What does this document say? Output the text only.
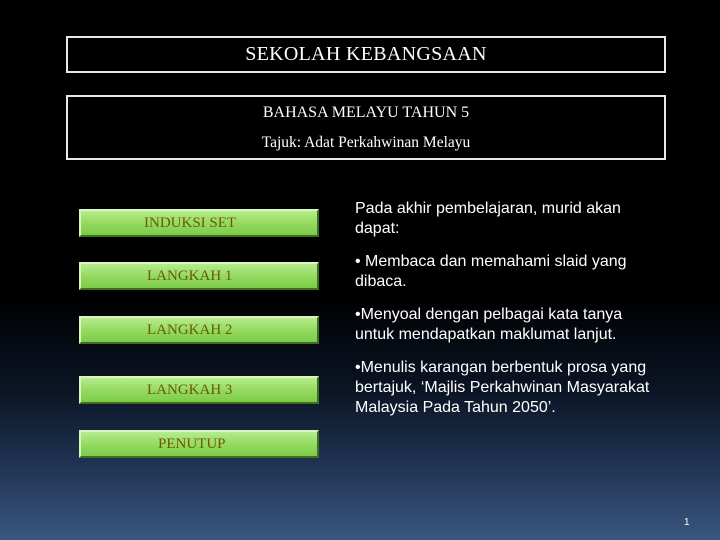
SEKOLAH KEBANGSAAN
BAHASA MELAYU TAHUN 5
Tajuk: Adat Perkahwinan Melayu
INDUKSI SET
LANGKAH 1
LANGKAH 2
LANGKAH 3
PENUTUP

Pada akhir pembelajaran, murid akan dapat:

• Membaca dan memahami slaid yang dibaca.

•Menyoal dengan pelbagai kata tanya untuk mendapatkan maklumat lanjut.

•Menulis karangan berbentuk prosa yang bertajuk, ‘Majlis Perkahwinan Masyarakat Malaysia Pada Tahun 2050’.

1
